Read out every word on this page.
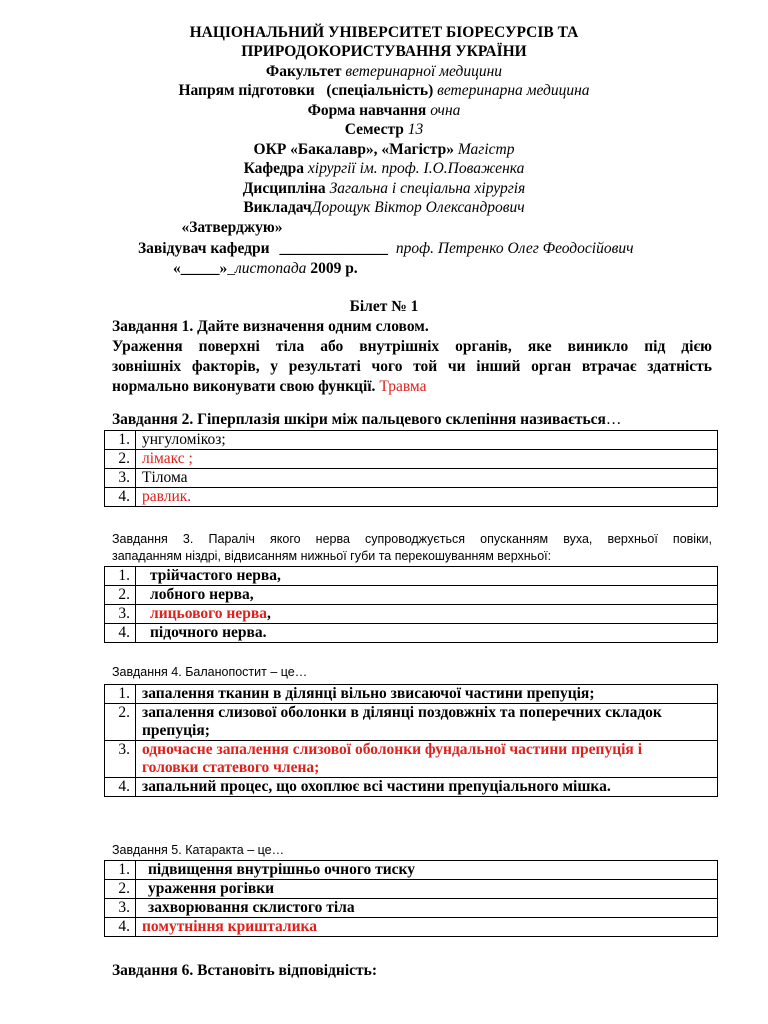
НАЦІОНАЛЬНИЙ УНІВЕРСИТЕТ БІОРЕСУРСІВ ТА
ПРИРОДОКОРИСТУВАННЯ УКРАЇНИ
Факультет ветеринарної медицини
Напрям підготовки   (спеціальність) ветеринарна медицина
Форма навчання очна
Семестр 13
ОКР «Бакалавр», «Магістр» Магістр
Кафедра хірургії ім. проф. І.О.Поваженка
Дисципліна Загальна і спеціальна хірургія
ВикладачДорощук Віктор Олександрович
«Затверджую»
Завідувач кафедри ______________ проф. Петренко Олег Феодосійович
«_____»_листопада 2009 р.
Білет № 1
Завдання 1. Дайте визначення одним словом.
Ураження поверхні тіла або внутрішніх органів, яке виникло під дією
зовнішніх факторів, у результаті чого той чи інший орган втрачає здатність
нормально виконувати свою функції. Травма
Завдання 2. Гіперплазія шкіри між пальцевого склепіння називається…
1.	унгуломікоз;
2.	лімакс ;
3.	Тілома
4.	равлик.
Завдання 3. Параліч якого нерва супроводжується опусканням вуха, верхньої повіки,
западанням ніздрі, відвисанням нижньої губи та перекошуванням верхньої:
1.	трійчастого нерва,
2.	лобного нерва,
3.	лицьового нерва,
4.	підочного нерва.
Завдання 4. Баланопостит – це…
1.	запалення тканин в ділянці вільно звисаючої частини препуція;
2.	запалення слизової оболонки в ділянці поздовжніх та поперечних складок
препуція;

3.	одночасне запалення слизової оболонки фундальної частини препуція і
головки статевого члена;

4.	запальний процес, що охоплює всі частини препуціального мішка.
Завдання 5. Катаракта – це…
1.	підвищення внутрішньо очного тиску
2.	ураження рогівки
3.	захворювання склистого тіла
4.	помутніння кришталика
Завдання 6. Встановіть відповідність:
